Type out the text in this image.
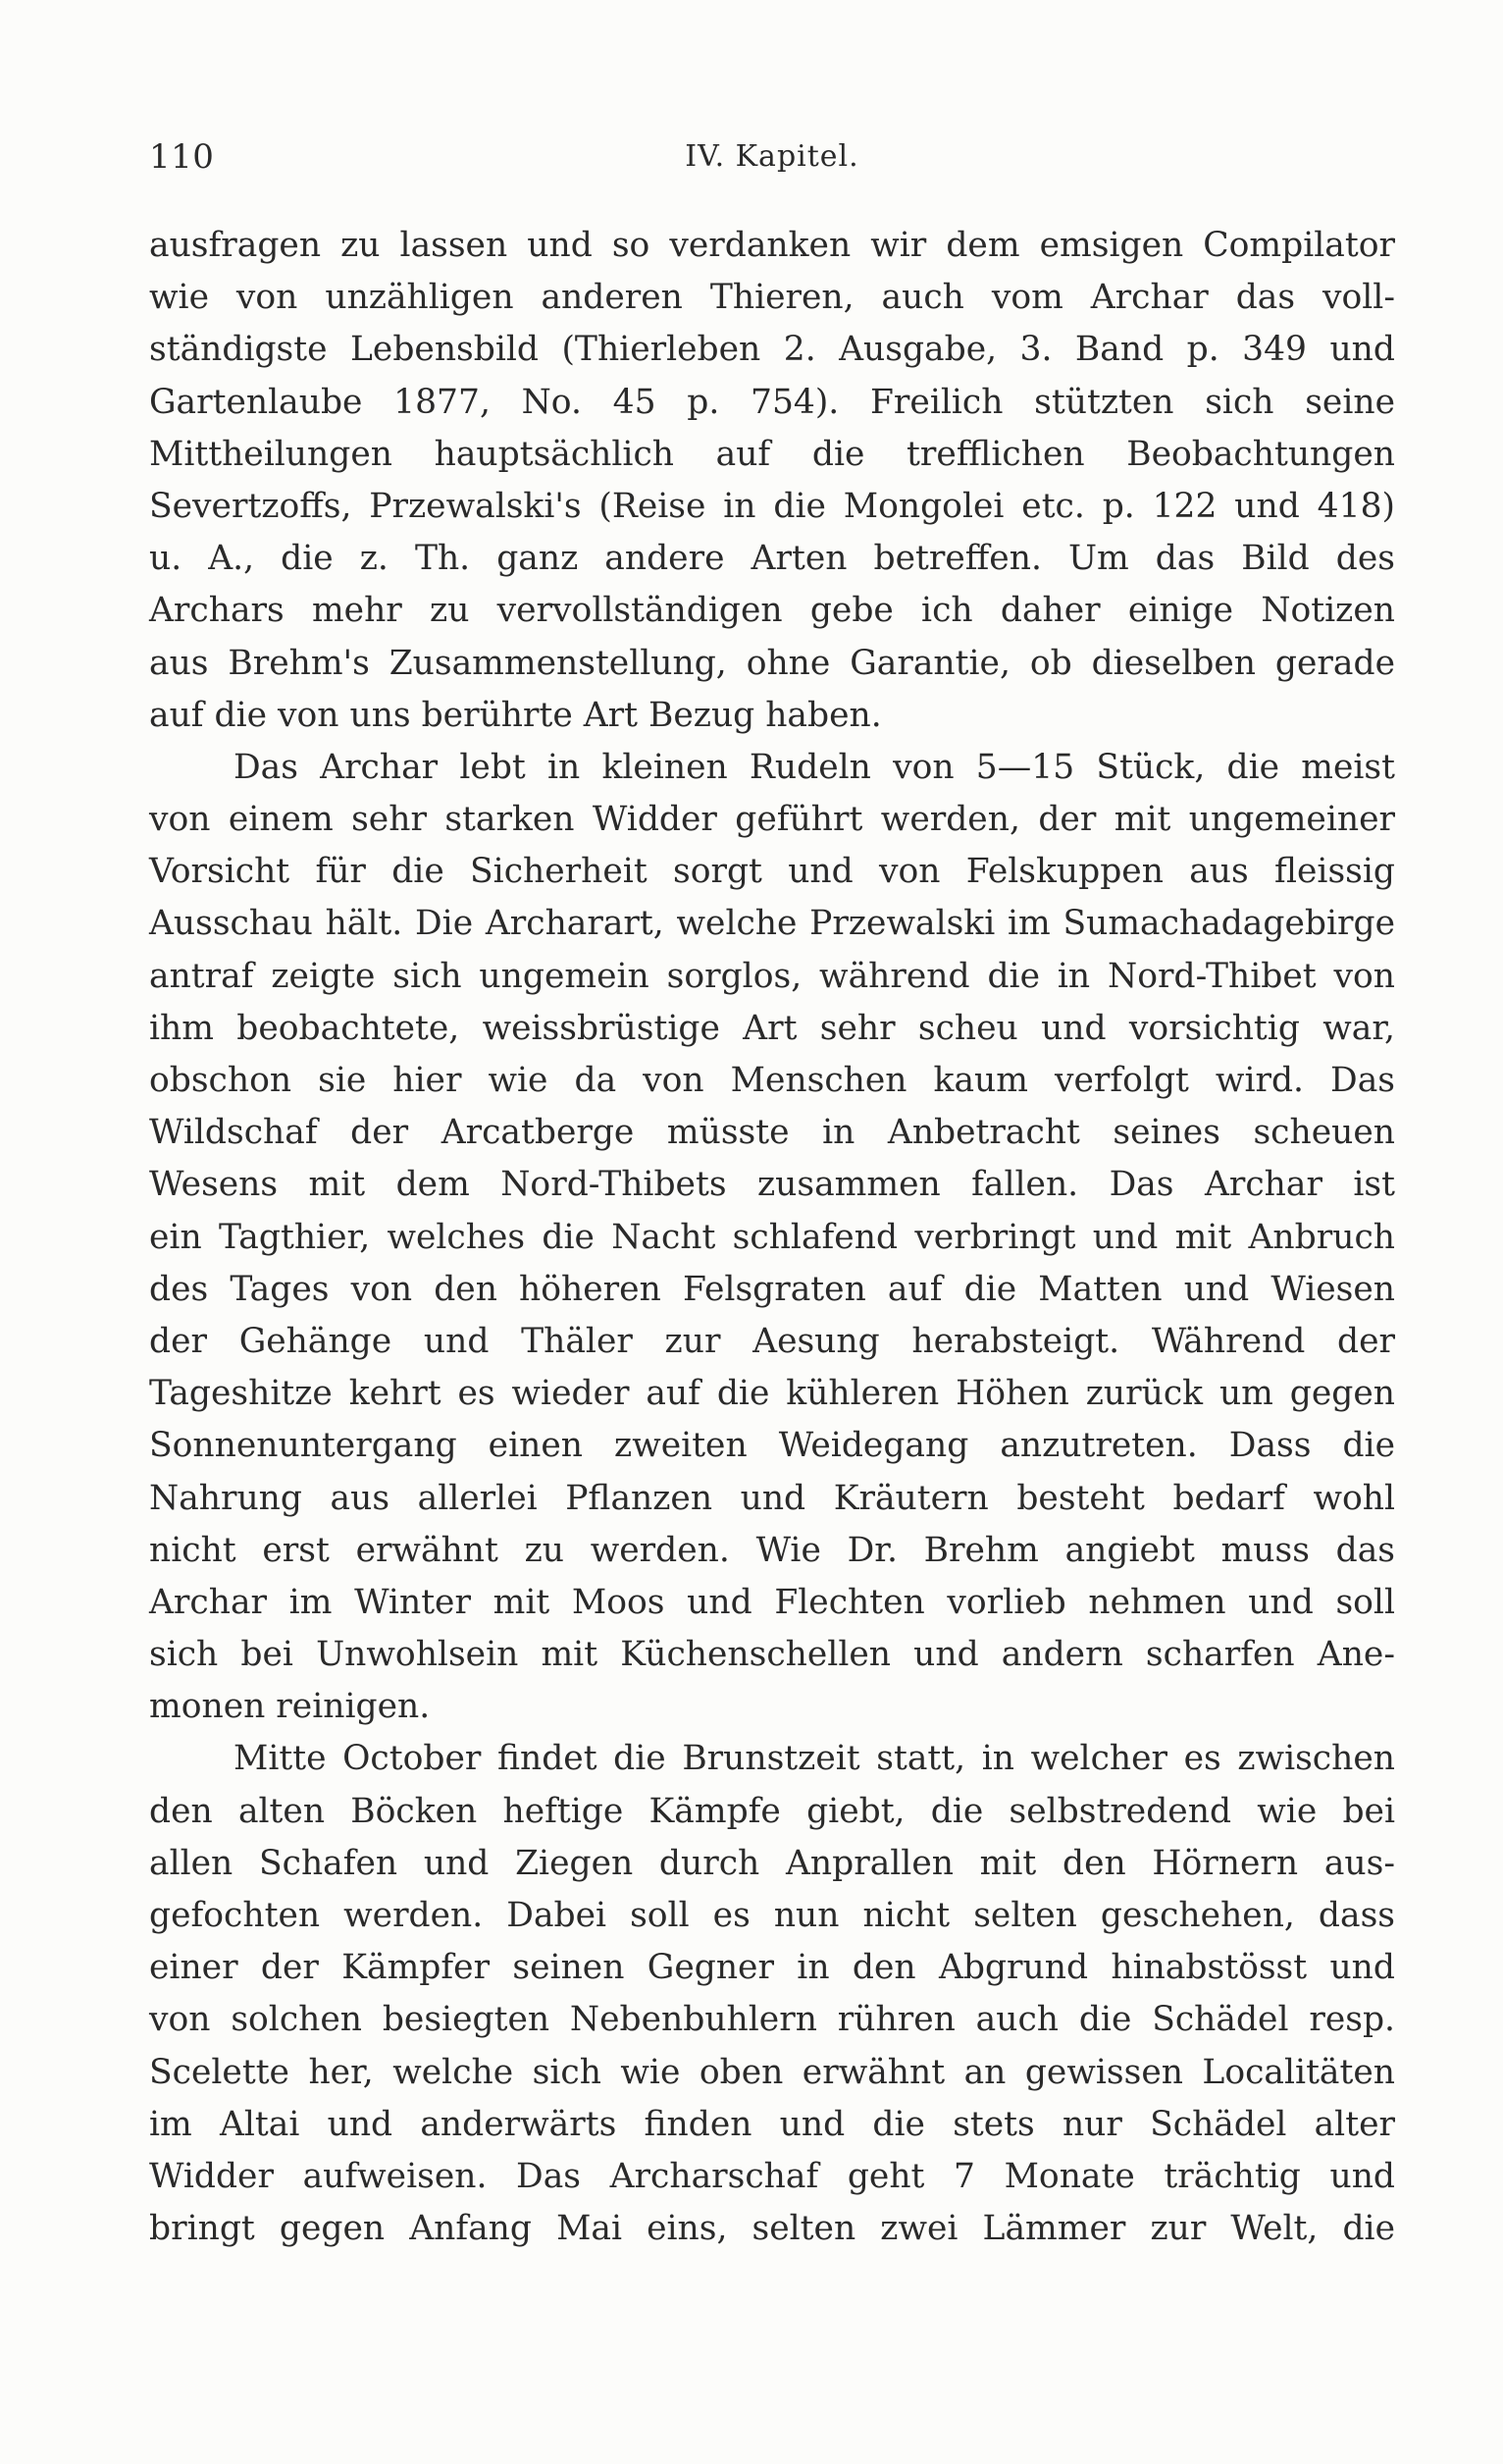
110	IV. Kapitel.
ausfragen zu lassen und so verdanken wir dem emsigen Compilator
wie von unzähligen anderen Thieren, auch vom Archar das voll-
ständigste Lebensbild (Thierleben 2. Ausgabe, 3. Band p. 349 und
Gartenlaube 1877, No. 45 p. 754). Freilich stützten sich seine
Mittheilungen hauptsächlich auf die trefflichen Beobachtungen
Severtzoffs, Przewalski's (Reise in die Mongolei etc. p. 122 und 418)
u. A., die z. Th. ganz andere Arten betreffen. Um das Bild des
Archars mehr zu vervollständigen gebe ich daher einige Notizen
aus Brehm's Zusammenstellung, ohne Garantie, ob dieselben gerade
auf die von uns berührte Art Bezug haben.
Das Archar lebt in kleinen Rudeln von 5—15 Stück, die meist
von einem sehr starken Widder geführt werden, der mit ungemeiner
Vorsicht für die Sicherheit sorgt und von Felskuppen aus fleissig
Ausschau hält. Die Archarart, welche Przewalski im Sumachadagebirge
antraf zeigte sich ungemein sorglos, während die in Nord-Thibet von
ihm beobachtete, weissbrüstige Art sehr scheu und vorsichtig war,
obschon sie hier wie da von Menschen kaum verfolgt wird. Das
Wildschaf der Arcatberge müsste in Anbetracht seines scheuen
Wesens mit dem Nord-Thibets zusammen fallen. Das Archar ist
ein Tagthier, welches die Nacht schlafend verbringt und mit Anbruch
des Tages von den höheren Felsgraten auf die Matten und Wiesen
der Gehänge und Thäler zur Aesung herabsteigt. Während der
Tageshitze kehrt es wieder auf die kühleren Höhen zurück um gegen
Sonnenuntergang einen zweiten Weidegang anzutreten. Dass die
Nahrung aus allerlei Pflanzen und Kräutern besteht bedarf wohl
nicht erst erwähnt zu werden. Wie Dr. Brehm angiebt muss das
Archar im Winter mit Moos und Flechten vorlieb nehmen und soll
sich bei Unwohlsein mit Küchenschellen und andern scharfen Ane-
monen reinigen.
Mitte October findet die Brunstzeit statt, in welcher es zwischen
den alten Böcken heftige Kämpfe giebt, die selbstredend wie bei
allen Schafen und Ziegen durch Anprallen mit den Hörnern aus-
gefochten werden. Dabei soll es nun nicht selten geschehen, dass
einer der Kämpfer seinen Gegner in den Abgrund hinabstösst und
von solchen besiegten Nebenbuhlern rühren auch die Schädel resp.
Scelette her, welche sich wie oben erwähnt an gewissen Localitäten
im Altai und anderwärts finden und die stets nur Schädel alter
Widder aufweisen. Das Archarschaf geht 7 Monate trächtig und
bringt gegen Anfang Mai eins, selten zwei Lämmer zur Welt, die
